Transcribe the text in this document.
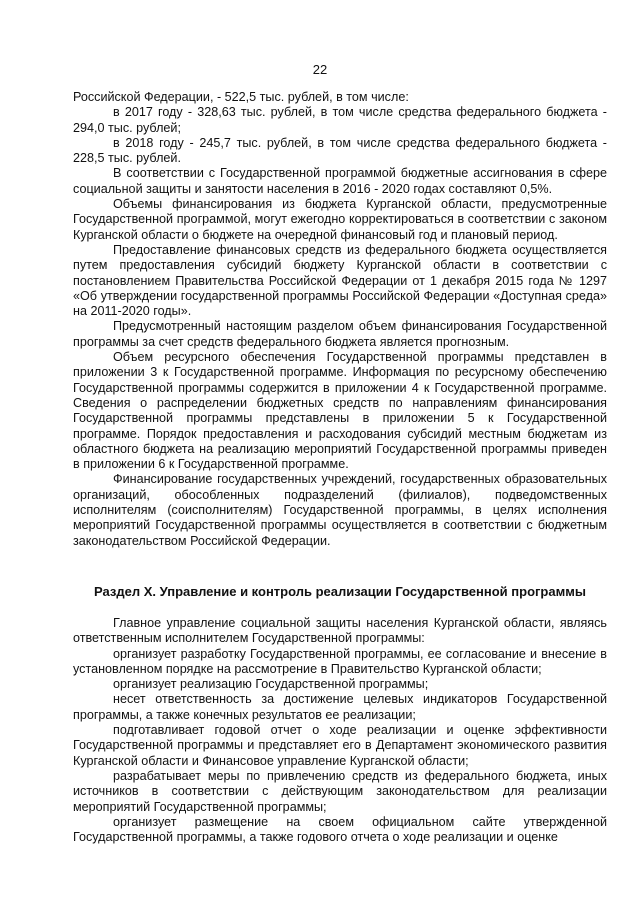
22

Российской Федерации, - 522,5 тыс. рублей, в том числе:

в 2017 году - 328,63 тыс. рублей, в том числе средства федерального бюджета - 294,0 тыс. рублей;

в 2018 году - 245,7 тыс. рублей, в том числе средства федерального бюджета - 228,5 тыс. рублей.

В соответствии с Государственной программой бюджетные ассигнования в сфере социальной защиты и занятости населения в 2016 - 2020 годах составляют 0,5%.

Объемы финансирования из бюджета Курганской области, предусмотренные Государственной программой, могут ежегодно корректироваться в соответствии с законом Курганской области о бюджете на очередной финансовый год и плановый период.

Предоставление финансовых средств из федерального бюджета осуществляется путем предоставления субсидий бюджету Курганской области в соответствии с постановлением Правительства Российской Федерации от 1 декабря 2015 года № 1297 «Об утверждении государственной программы Российской Федерации «Доступная среда» на 2011-2020 годы».

Предусмотренный настоящим разделом объем финансирования Государственной программы за счет средств федерального бюджета является прогнозным.

Объем ресурсного обеспечения Государственной программы представлен в приложении 3 к Государственной программе. Информация по ресурсному обеспечению Государственной программы содержится в приложении 4 к Государственной программе. Сведения о распределении бюджетных средств по направлениям финансирования Государственной программы представлены в приложении 5 к Государственной программе. Порядок предоставления и расходования субсидий местным бюджетам из областного бюджета на реализацию мероприятий Государственной программы приведен в приложении 6 к Государственной программе.

Финансирование государственных учреждений, государственных образовательных организаций, обособленных подразделений (филиалов), подведомственных исполнителям (соисполнителям) Государственной программы, в целях исполнения мероприятий Государственной программы осуществляется в соответствии с бюджетным законодательством Российской Федерации.

Раздел X. Управление и контроль реализации Государственной программы

Главное управление социальной защиты населения Курганской области, являясь ответственным исполнителем Государственной программы:

организует разработку Государственной программы, ее согласование и внесение в установленном порядке на рассмотрение в Правительство Курганской области;

организует реализацию Государственной программы;

несет ответственность за достижение целевых индикаторов Государственной программы, а также конечных результатов ее реализации;

подготавливает годовой отчет о ходе реализации и оценке эффективности Государственной программы и представляет его в Департамент экономического развития Курганской области и Финансовое управление Курганской области;

разрабатывает меры по привлечению средств из федерального бюджета, иных источников в соответствии с действующим законодательством для реализации мероприятий Государственной программы;

организует размещение на своем официальном сайте утвержденной Государственной программы, а также годового отчета о ходе реализации и оценке
